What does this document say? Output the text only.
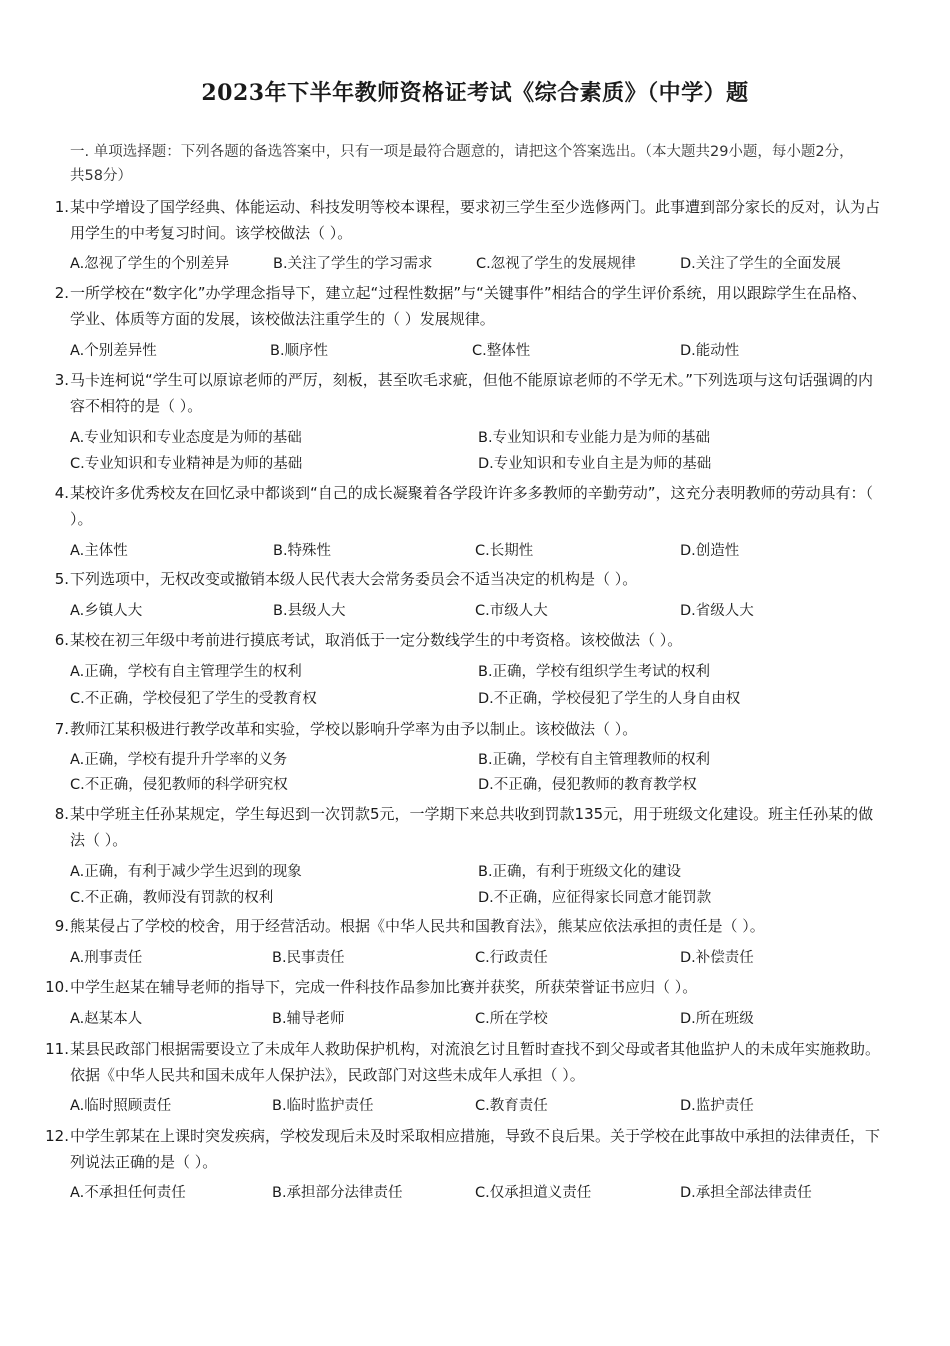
2023年下半年教师资格证考试《综合素质》（中学）题

一. 单项选择题：下列各题的备选答案中，只有一项是最符合题意的，请把这个答案选出。（本大题共29小题，每小题2分，共58分）

1. 某中学增设了国学经典、体能运动、科技发明等校本课程，要求初三学生至少选修两门。此事遭到部分家长的反对，认为占用学生的中考复习时间。该学校做法（ ）。

A.忽视了学生的个别差异	B.关注了学生的学习需求	C.忽视了学生的发展规律	D.关注了学生的全面发展
2. 一所学校在“数字化”办学理念指导下，建立起“过程性数据”与“关键事件”相结合的学生评价系统，用以跟踪学生在品格、学业、体质等方面的发展，该校做法注重学生的（ ）发展规律。

A.个别差异性	B.顺序性	C.整体性	D.能动性
3. 马卡连柯说“学生可以原谅老师的严厉，刻板，甚至吹毛求疵，但他不能原谅老师的不学无术。”下列选项与这句话强调的内容不相符的是（ ）。

A.专业知识和专业态度是为师的基础	B.专业知识和专业能力是为师的基础
C.专业知识和专业精神是为师的基础	D.专业知识和专业自主是为师的基础
4. 某校许多优秀校友在回忆录中都谈到“自己的成长凝聚着各学段许许多多教师的辛勤劳动”，这充分表明教师的劳动具有：（ ）。

A.主体性	B.特殊性	C.长期性	D.创造性
5. 下列选项中，无权改变或撤销本级人民代表大会常务委员会不适当决定的机构是（ ）。

A.乡镇人大	B.县级人大	C.市级人大	D.省级人大
6. 某校在初三年级中考前进行摸底考试，取消低于一定分数线学生的中考资格。该校做法（ ）。

A.正确，学校有自主管理学生的权利	B.正确，学校有组织学生考试的权利
C.不正确，学校侵犯了学生的受教育权	D.不正确，学校侵犯了学生的人身自由权
7. 教师江某积极进行教学改革和实验，学校以影响升学率为由予以制止。该校做法（ ）。

A.正确，学校有提升升学率的义务	B.正确，学校有自主管理教师的权利
C.不正确，侵犯教师的科学研究权	D.不正确，侵犯教师的教育教学权
8. 某中学班主任孙某规定，学生每迟到一次罚款5元，一学期下来总共收到罚款135元，用于班级文化建设。班主任孙某的做法（ ）。

A.正确，有利于减少学生迟到的现象	B.正确，有利于班级文化的建设
C.不正确，教师没有罚款的权利	D.不正确，应征得家长同意才能罚款
9. 熊某侵占了学校的校舍，用于经营活动。根据《中华人民共和国教育法》，熊某应依法承担的责任是（ ）。

A.刑事责任	B.民事责任	C.行政责任	D.补偿责任
10. 中学生赵某在辅导老师的指导下，完成一件科技作品参加比赛并获奖，所获荣誉证书应归（ ）。

A.赵某本人	B.辅导老师	C.所在学校	D.所在班级
11. 某县民政部门根据需要设立了未成年人救助保护机构，对流浪乞讨且暂时查找不到父母或者其他监护人的未成年实施救助。依据《中华人民共和国未成年人保护法》，民政部门对这些未成年人承担（ ）。

A.临时照顾责任	B.临时监护责任	C.教育责任	D.监护责任
12. 中学生郭某在上课时突发疾病，学校发现后未及时采取相应措施，导致不良后果。关于学校在此事故中承担的法律责任，下列说法正确的是（ ）。

A.不承担任何责任	B.承担部分法律责任	C.仅承担道义责任	D.承担全部法律责任
